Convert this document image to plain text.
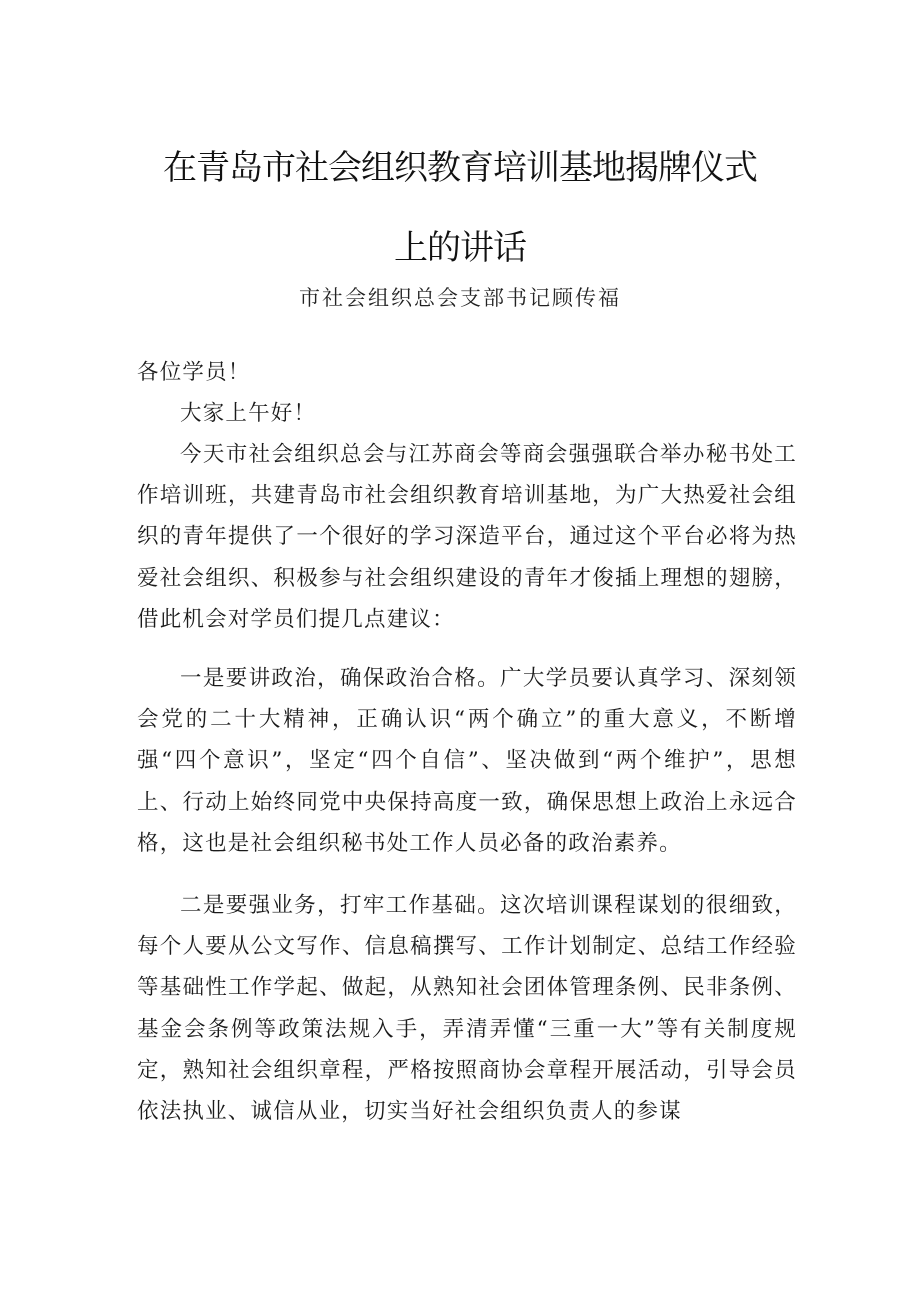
在青岛市社会组织教育培训基地揭牌仪式
上的讲话
市社会组织总会支部书记顾传福

各位学员！

大家上午好！

今天市社会组织总会与江苏商会等商会强强联合举办秘书处工作培训班，共建青岛市社会组织教育培训基地，为广大热爱社会组织的青年提供了一个很好的学习深造平台，通过这个平台必将为热爱社会组织、积极参与社会组织建设的青年才俊插上理想的翅膀，借此机会对学员们提几点建议：

一是要讲政治，确保政治合格。广大学员要认真学习、深刻领会党的二十大精神，正确认识“两个确立”的重大意义，不断增强“四个意识”，坚定“四个自信”、坚决做到“两个维护”，思想上、行动上始终同党中央保持高度一致，确保思想上政治上永远合格，这也是社会组织秘书处工作人员必备的政治素养。

二是要强业务，打牢工作基础。这次培训课程谋划的很细致，每个人要从公文写作、信息稿撰写、工作计划制定、总结工作经验等基础性工作学起、做起，从熟知社会团体管理条例、民非条例、基金会条例等政策法规入手，弄清弄懂“三重一大”等有关制度规定，熟知社会组织章程，严格按照商协会章程开展活动，引导会员依法执业、诚信从业，切实当好社会组织负责人的参谋
